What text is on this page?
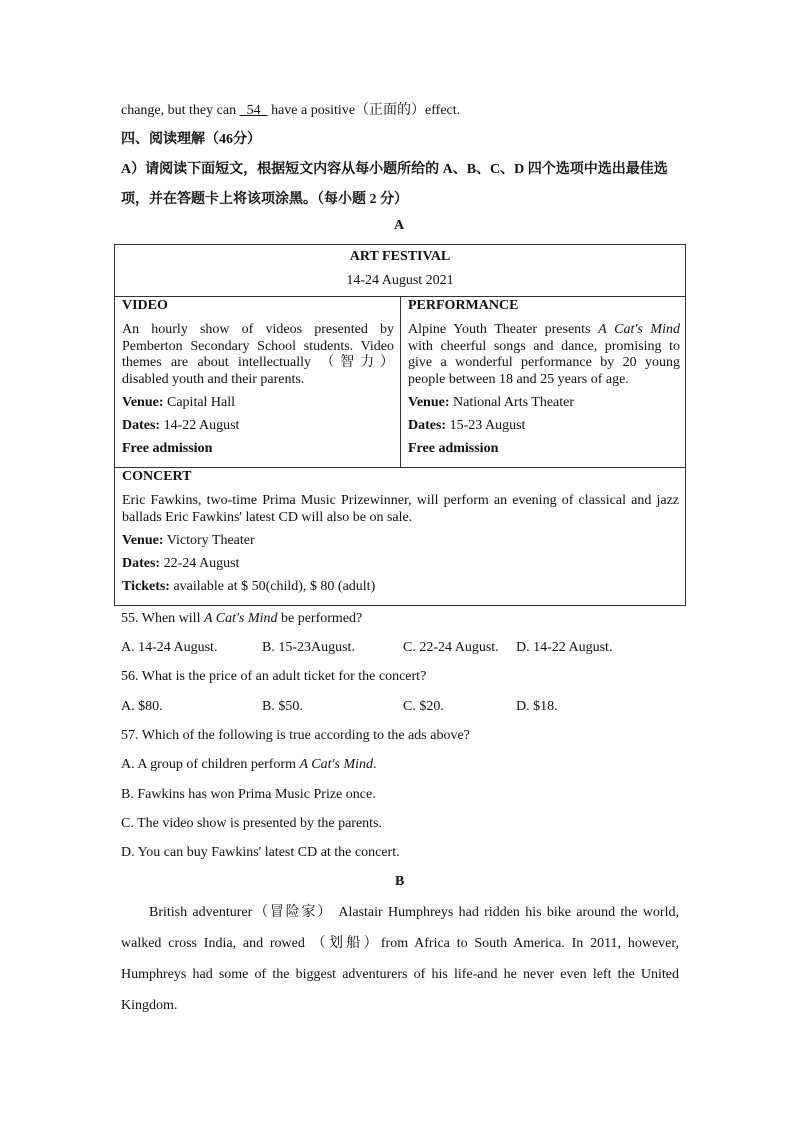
change, but they can 54 have a positive（正面的）effect.
四、阅读理解（46分）
A）请阅读下面短文，根据短文内容从每小题所给的 A、B、C、D 四个选项中选出最佳选
项，并在答题卡上将该项涂黑。（每小题 2 分）
A
ART FESTIVAL
14-24 August 2021

VIDEO

An hourly show of videos presented by Pemberton Secondary School students. Video themes are about intellectually （智力） disabled youth and their parents.

Venue: Capital Hall

Dates: 14-22 August

Free admission

PERFORMANCE

Alpine Youth Theater presents A Cat's Mind with cheerful songs and dance, promising to give a wonderful performance by 20 young people between 18 and 25 years of age.

Venue: National Arts Theater

Dates: 15-23 August

Free admission

CONCERT

Eric Fawkins, two-time Prima Music Prizewinner, will perform an evening of classical and jazz ballads Eric Fawkins' latest CD will also be on sale.

Venue: Victory Theater

Dates: 22-24 August

Tickets: available at $ 50(child), $ 80 (adult)

55. When will A Cat's Mind be performed?
A. 14-24 August.	B. 15-23August.	C. 22-24 August. D. 14-22 August.
56. What is the price of an adult ticket for the concert?
A. $80.	B. $50.	C. $20.	D. $18.
57. Which of the following is true according to the ads above?
A. A group of children perform A Cat's Mind.
B. Fawkins has won Prima Music Prize once.
C. The video show is presented by the parents.
D. You can buy Fawkins' latest CD at the concert.
B
British adventurer（冒险家） Alastair Humphreys had ridden his bike around the world, walked cross India, and rowed （划船）from Africa to South America. In 2011, however, Humphreys had some of the biggest adventurers of his life-and he never even left the United Kingdom.
